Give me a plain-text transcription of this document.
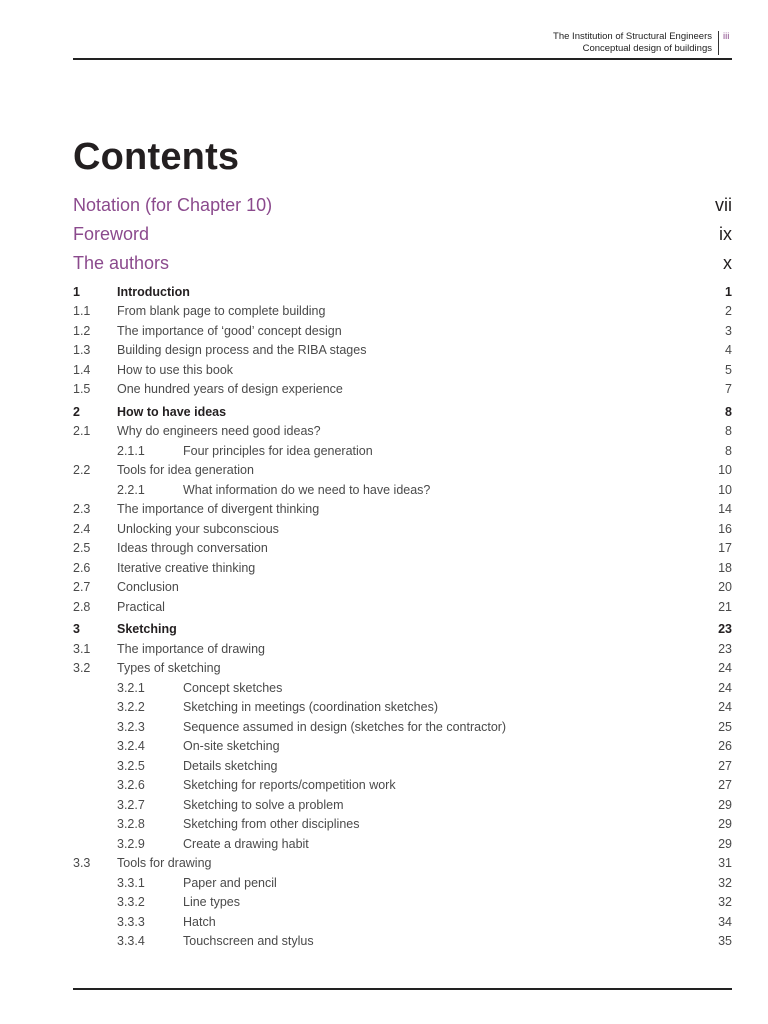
The Institution of Structural Engineers
Conceptual design of buildings
iii
Contents
Notation (for Chapter 10)	vii
Foreword	ix
The authors	x
1	Introduction	1
1.1	From blank page to complete building	2
1.2	The importance of ‘good’ concept design	3
1.3	Building design process and the RIBA stages	4
1.4	How to use this book	5
1.5	One hundred years of design experience	7
2	How to have ideas	8
2.1	Why do engineers need good ideas?	8
2.1.1	Four principles for idea generation	8
2.2	Tools for idea generation	10
2.2.1	What information do we need to have ideas?	10
2.3	The importance of divergent thinking	14
2.4	Unlocking your subconscious	16
2.5	Ideas through conversation	17
2.6	Iterative creative thinking	18
2.7	Conclusion	20
2.8	Practical	21
3	Sketching	23
3.1	The importance of drawing	23
3.2	Types of sketching	24
3.2.1	Concept sketches	24
3.2.2	Sketching in meetings (coordination sketches)	24
3.2.3	Sequence assumed in design (sketches for the contractor)	25
3.2.4	On-site sketching	26
3.2.5	Details sketching	27
3.2.6	Sketching for reports/competition work	27
3.2.7	Sketching to solve a problem	29
3.2.8	Sketching from other disciplines	29
3.2.9	Create a drawing habit	29
3.3	Tools for drawing	31
3.3.1	Paper and pencil	32
3.3.2	Line types	32
3.3.3	Hatch	34
3.3.4	Touchscreen and stylus	35
